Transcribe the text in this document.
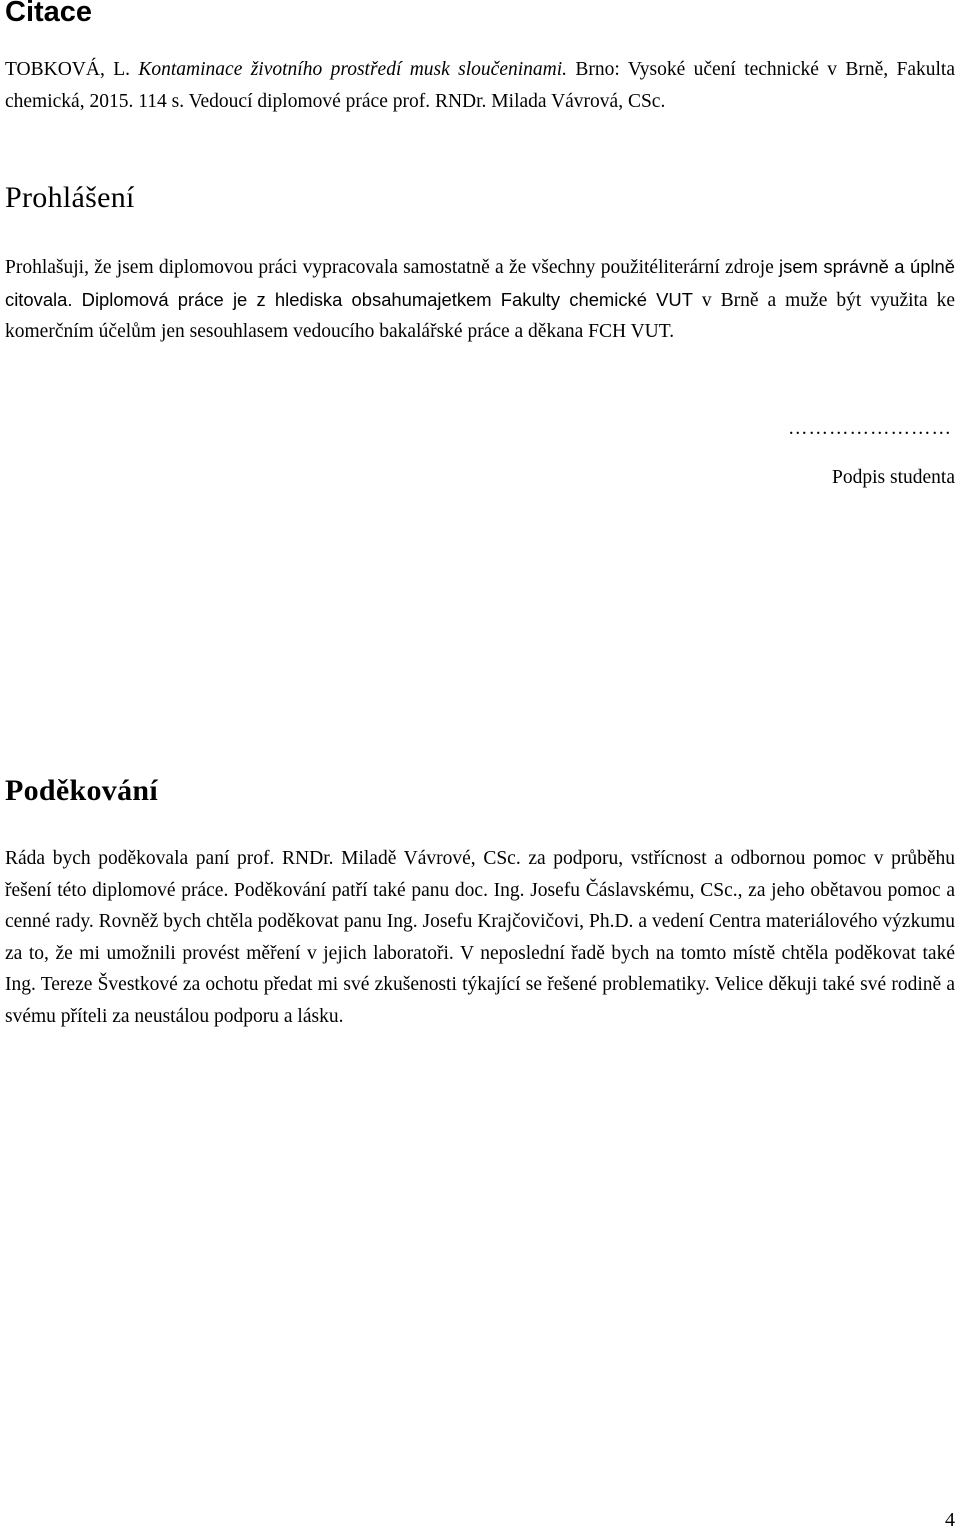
Citace

TOBKOVÁ, L. Kontaminace životního prostředí musk sloučeninami. Brno: Vysoké učení technické v Brně, Fakulta chemická, 2015. 114 s. Vedoucí diplomové práce prof. RNDr. Milada Vávrová, CSc.

Prohlášení

Prohlašuji, že jsem diplomovou práci vypracovala samostatně a že všechny použitéliterární zdroje jsem správně a úplně citovala. Diplomová práce je z hlediska obsahumajetkem Fakulty chemické VUT v Brně a muže být využita ke komerčním účelům jen sesouhlasem vedoucího bakalářské práce a děkana FCH VUT.

……………………

Podpis studenta

Poděkování

Ráda bych poděkovala paní prof. RNDr. Miladě Vávrové, CSc. za podporu, vstřícnost a odbornou pomoc v průběhu řešení této diplomové práce. Poděkování patří také panu doc. Ing. Josefu Čáslavskému, CSc., za jeho obětavou pomoc a cenné rady. Rovněž bych chtěla poděkovat panu Ing. Josefu Krajčovičovi, Ph.D. a vedení Centra materiálového výzkumu za to, že mi umožnili provést měření v jejich laboratoři. V neposlední řadě bych na tomto místě chtěla poděkovat také Ing. Tereze Švestkové za ochotu předat mi své zkušenosti týkající se řešené problematiky. Velice děkuji také své rodině a svému příteli za neustálou podporu a lásku.

4
